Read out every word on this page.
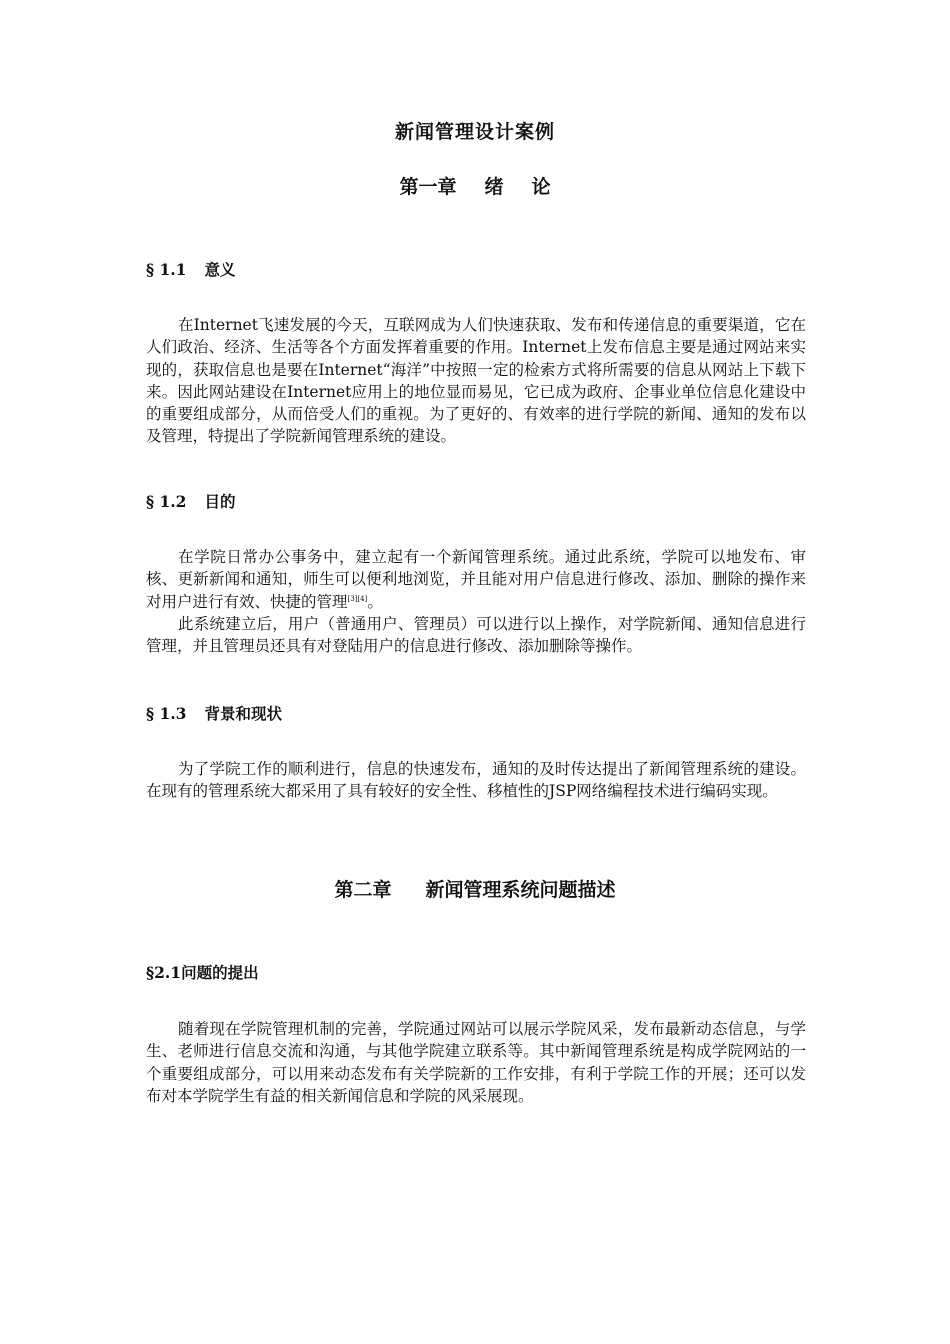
新闻管理设计案例
第一章 绪 论
§ 1.1 意义

在Internet飞速发展的今天，互联网成为人们快速获取、发布和传递信息的重要渠道，它在人们政治、经济、生活等各个方面发挥着重要的作用。Internet上发布信息主要是通过网站来实现的，获取信息也是要在Internet“海洋”中按照一定的检索方式将所需要的信息从网站上下载下来。因此网站建设在Internet应用上的地位显而易见，它已成为政府、企事业单位信息化建设中的重要组成部分，从而倍受人们的重视。为了更好的、有效率的进行学院的新闻、通知的发布以及管理，特提出了学院新闻管理系统的建设。

§ 1.2 目的

在学院日常办公事务中，建立起有一个新闻管理系统。通过此系统，学院可以地发布、审核、更新新闻和通知，师生可以便利地浏览，并且能对用户信息进行修改、添加、删除的操作来对用户进行有效、快捷的管理[3][4]。

此系统建立后，用户（普通用户、管理员）可以进行以上操作，对学院新闻、通知信息进行管理，并且管理员还具有对登陆用户的信息进行修改、添加删除等操作。

§ 1.3 背景和现状

为了学院工作的顺利进行，信息的快速发布，通知的及时传达提出了新闻管理系统的建设。在现有的管理系统大都采用了具有较好的安全性、移植性的JSP网络编程技术进行编码实现。

第二章 新闻管理系统问题描述
§2.1问题的提出

随着现在学院管理机制的完善，学院通过网站可以展示学院风采，发布最新动态信息，与学生、老师进行信息交流和沟通，与其他学院建立联系等。其中新闻管理系统是构成学院网站的一个重要组成部分，可以用来动态发布有关学院新的工作安排，有利于学院工作的开展；还可以发布对本学院学生有益的相关新闻信息和学院的风采展现。
